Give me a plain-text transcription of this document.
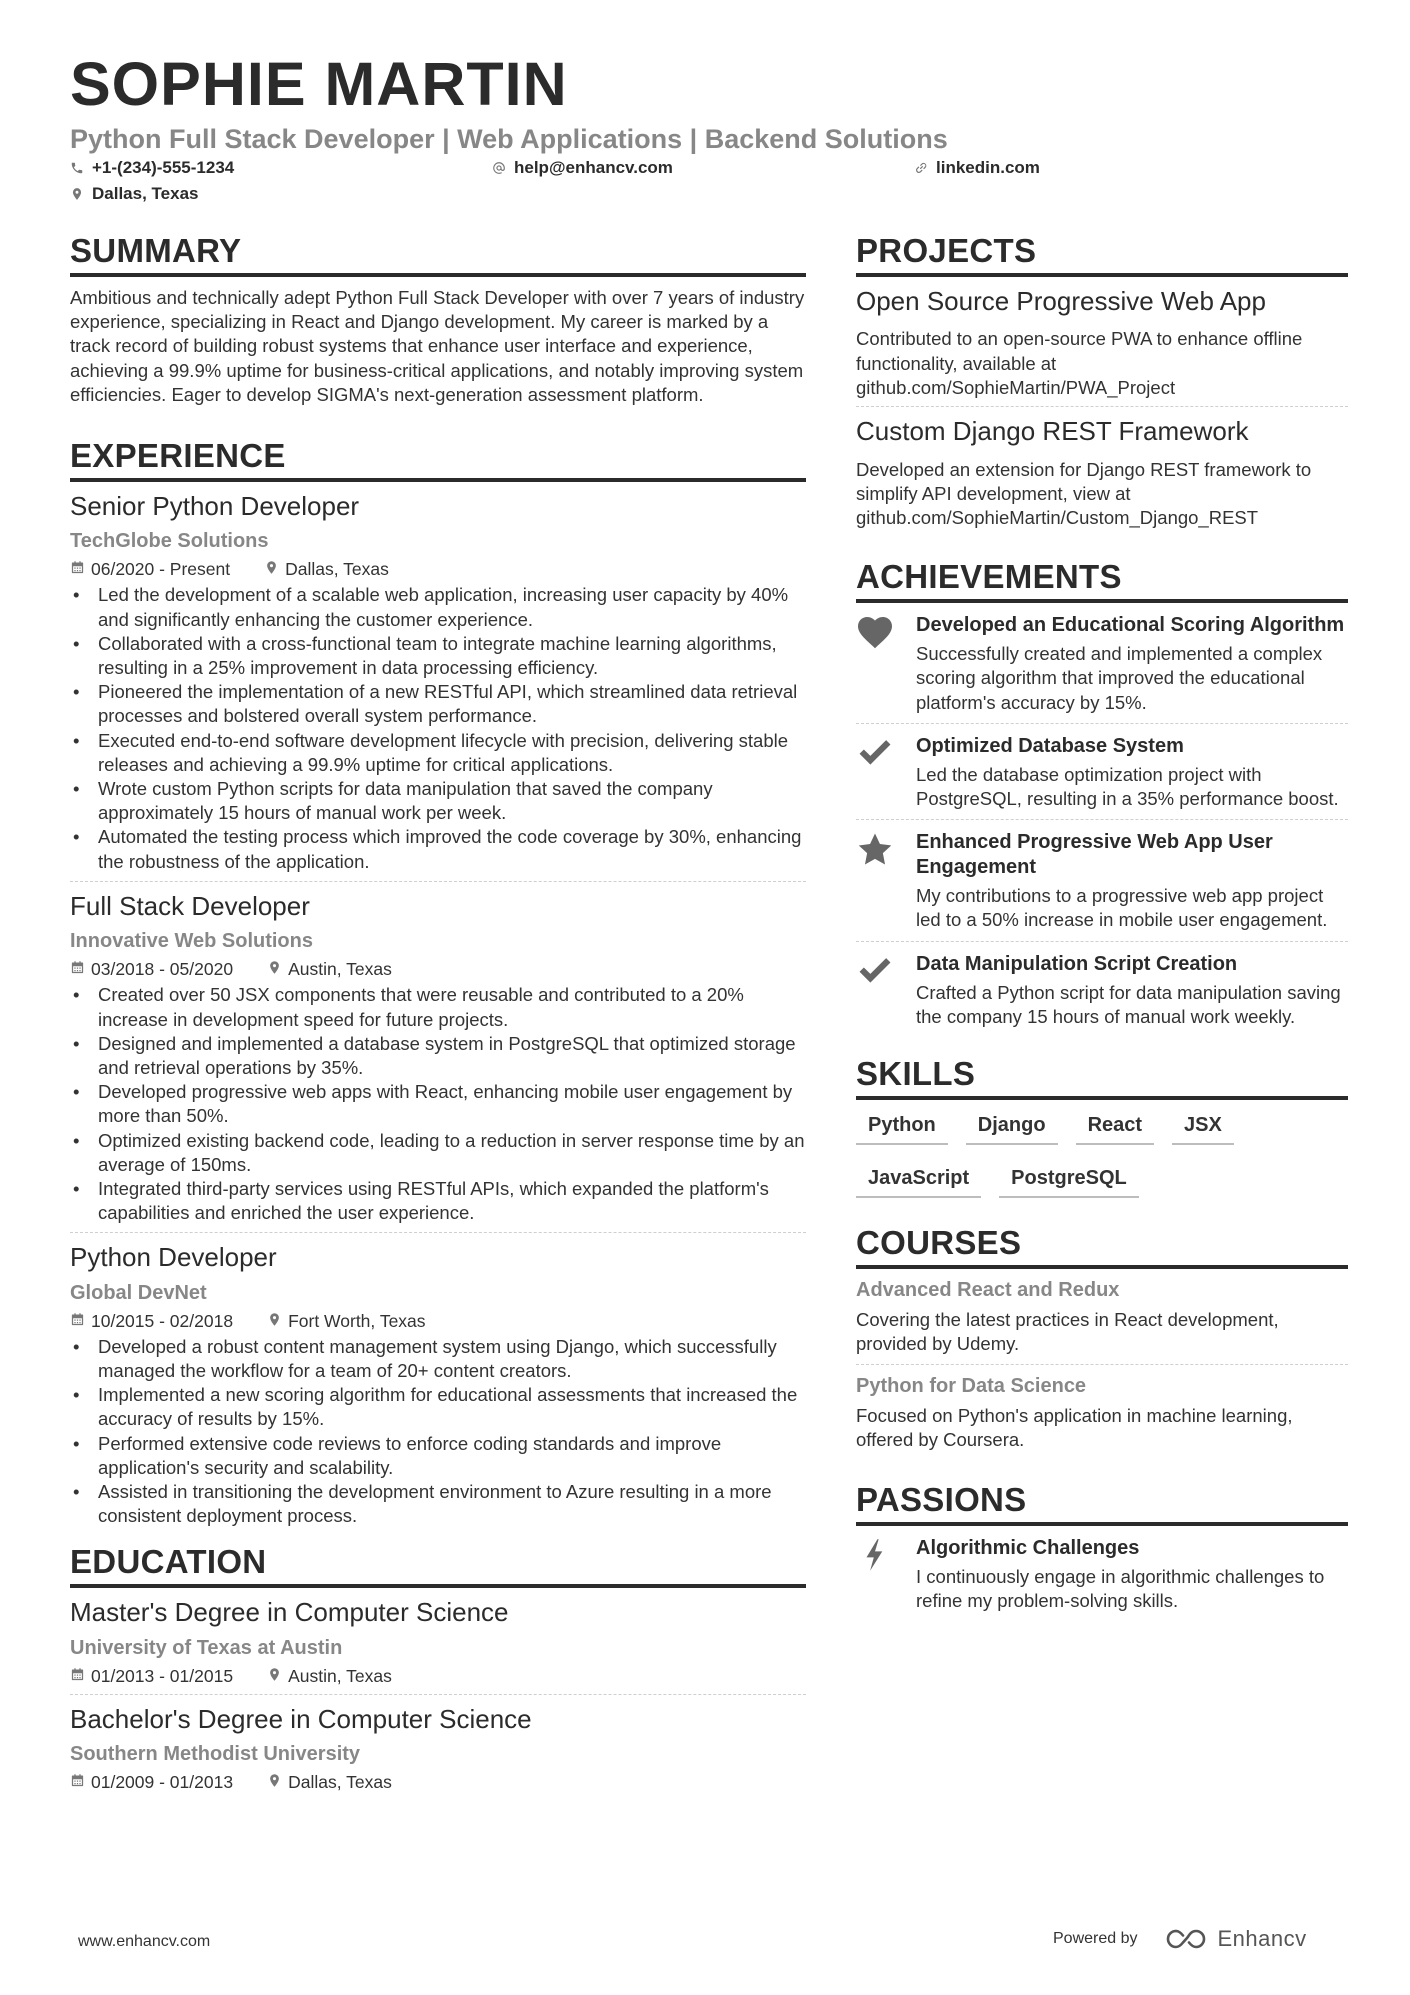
SOPHIE MARTIN
Python Full Stack Developer | Web Applications | Backend Solutions
+1-(234)-555-1234	help@enhancv.com	linkedin.com
Dallas, Texas
SUMMARY

Ambitious and technically adept Python Full Stack Developer with over 7 years of industry experience, specializing in React and Django development. My career is marked by a track record of building robust systems that enhance user interface and experience, achieving a 99.9% uptime for business-critical applications, and notably improving system efficiencies. Eager to develop SIGMA's next-generation assessment platform.

EXPERIENCE
Senior Python Developer
TechGlobe Solutions
06/2020 - Present	Dallas, Texas
• Led the development of a scalable web application, increasing user capacity by 40% and significantly enhancing the customer experience.
• Collaborated with a cross-functional team to integrate machine learning algorithms, resulting in a 25% improvement in data processing efficiency.
• Pioneered the implementation of a new RESTful API, which streamlined data retrieval processes and bolstered overall system performance.
• Executed end-to-end software development lifecycle with precision, delivering stable releases and achieving a 99.9% uptime for critical applications.
• Wrote custom Python scripts for data manipulation that saved the company approximately 15 hours of manual work per week.
• Automated the testing process which improved the code coverage by 30%, enhancing the robustness of the application.
Full Stack Developer
Innovative Web Solutions
03/2018 - 05/2020	Austin, Texas
• Created over 50 JSX components that were reusable and contributed to a 20% increase in development speed for future projects.
• Designed and implemented a database system in PostgreSQL that optimized storage and retrieval operations by 35%.
• Developed progressive web apps with React, enhancing mobile user engagement by more than 50%.
• Optimized existing backend code, leading to a reduction in server response time by an average of 150ms.
• Integrated third-party services using RESTful APIs, which expanded the platform's capabilities and enriched the user experience.
Python Developer
Global DevNet
10/2015 - 02/2018	Fort Worth, Texas
• Developed a robust content management system using Django, which successfully managed the workflow for a team of 20+ content creators.
• Implemented a new scoring algorithm for educational assessments that increased the accuracy of results by 15%.
• Performed extensive code reviews to enforce coding standards and improve application's security and scalability.
• Assisted in transitioning the development environment to Azure resulting in a more consistent deployment process.
EDUCATION
Master's Degree in Computer Science
University of Texas at Austin
01/2013 - 01/2015	Austin, Texas
Bachelor's Degree in Computer Science
Southern Methodist University
01/2009 - 01/2013	Dallas, Texas
PROJECTS
Open Source Progressive Web App
Contributed to an open-source PWA to enhance offline functionality, available at github.com/SophieMartin/PWA_Project
Custom Django REST Framework
Developed an extension for Django REST framework to simplify API development, view at github.com/SophieMartin/Custom_Django_REST
ACHIEVEMENTS
Developed an Educational Scoring Algorithm
Successfully created and implemented a complex scoring algorithm that improved the educational platform's accuracy by 15%.
Optimized Database System
Led the database optimization project with PostgreSQL, resulting in a 35% performance boost.
Enhanced Progressive Web App User Engagement
My contributions to a progressive web app project led to a 50% increase in mobile user engagement.
Data Manipulation Script Creation
Crafted a Python script for data manipulation saving the company 15 hours of manual work weekly.
SKILLS
Python	Django	React	JSX
JavaScript	PostgreSQL
COURSES
Advanced React and Redux
Covering the latest practices in React development, provided by Udemy.
Python for Data Science
Focused on Python's application in machine learning, offered by Coursera.
PASSIONS
Algorithmic Challenges
I continuously engage in algorithmic challenges to refine my problem-solving skills.
www.enhancv.com	Powered by	Enhancv
